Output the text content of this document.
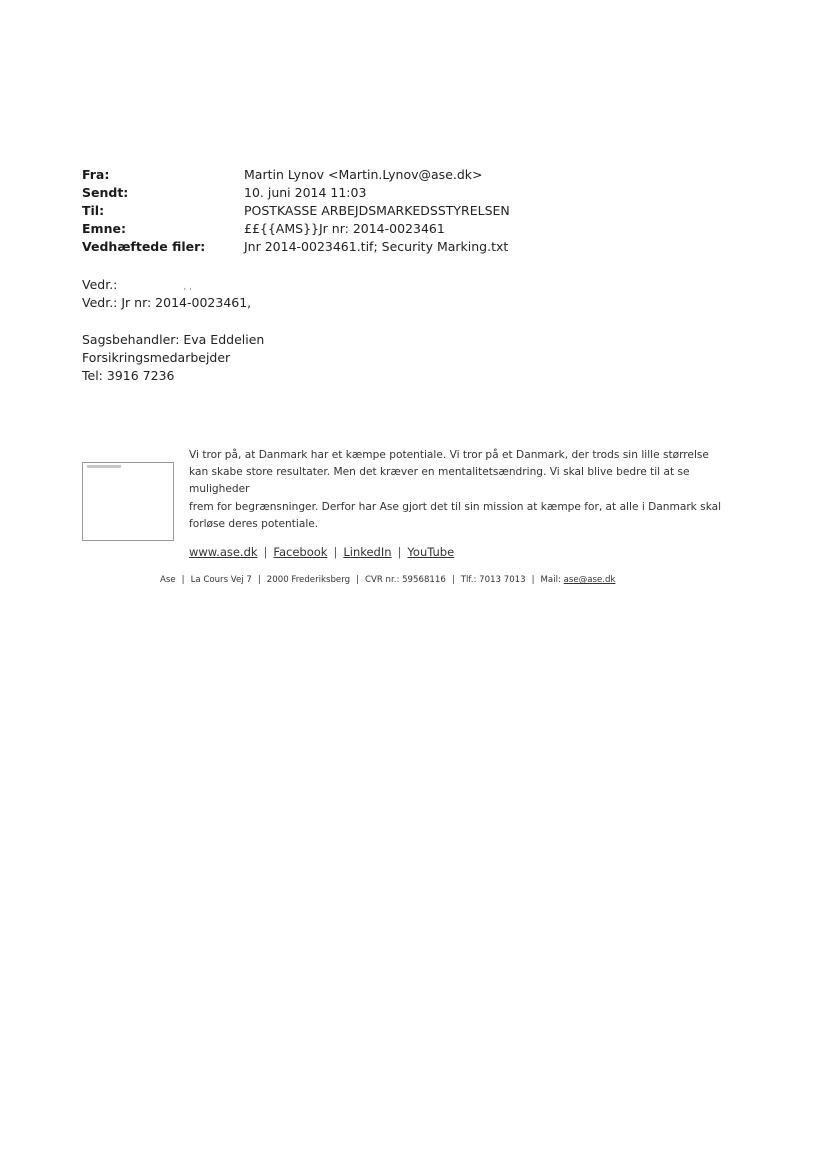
Fra:	Martin Lynov <Martin.Lynov@ase.dk>
Sendt:	10. juni 2014 11:03
Til:	POSTKASSE ARBEJDSMARKEDSSTYRELSEN
Emne:	££{{AMS}}Jr nr: 2014-0023461
Vedhæftede filer:	Jnr 2014-0023461.tif; Security Marking.txt
Vedr.:	, ,
Vedr.: Jr nr: 2014-0023461,
Sagsbehandler: Eva Eddelien
Forsikringsmedarbejder
Tel: 3916 7236

Vi tror på, at Danmark har et kæmpe potentiale. Vi tror på et Danmark, der trods sin lille størrelse

kan skabe store resultater. Men det kræver en mentalitetsændring. Vi skal blive bedre til at se

muligheder

frem for begrænsninger. Derfor har Ase gjort det til sin mission at kæmpe for, at alle i Danmark skal

forløse deres potentiale.

www.ase.dk | Facebook | LinkedIn | YouTube
Ase | La Cours Vej 7 | 2000 Frederiksberg | CVR nr.: 59568116 | Tlf.: 7013 7013 | Mail: ase@ase.dk
